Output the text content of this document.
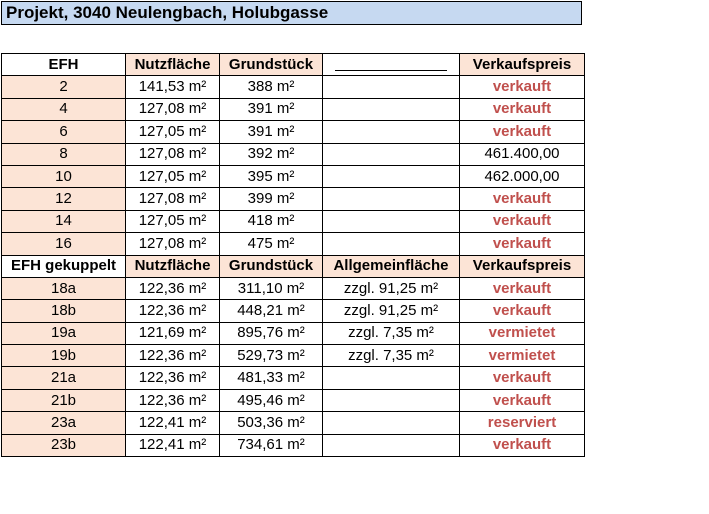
Projekt, 3040 Neulengbach, Holubgasse
EFH	Nutzfläche	Grundstück		Verkaufspreis
2	141,53 m²	388 m²		verkauft
4	127,08 m²	391 m²		verkauft
6	127,05 m²	391 m²		verkauft
8	127,08 m²	392 m²		461.400,00
10	127,05 m²	395 m²		462.000,00
12	127,08 m²	399 m²		verkauft
14	127,05 m²	418 m²		verkauft
16	127,08 m²	475 m²		verkauft
EFH gekuppelt	Nutzfläche	Grundstück	Allgemeinfläche	Verkaufspreis
18a	122,36 m²	311,10 m²	zzgl. 91,25 m²	verkauft
18b	122,36 m²	448,21 m²	zzgl. 91,25 m²	verkauft
19a	121,69 m²	895,76 m²	zzgl. 7,35 m²	vermietet
19b	122,36 m²	529,73 m²	zzgl. 7,35 m²	vermietet
21a	122,36 m²	481,33 m²		verkauft
21b	122,36 m²	495,46 m²		verkauft
23a	122,41 m²	503,36 m²		reserviert
23b	122,41 m²	734,61 m²		verkauft
